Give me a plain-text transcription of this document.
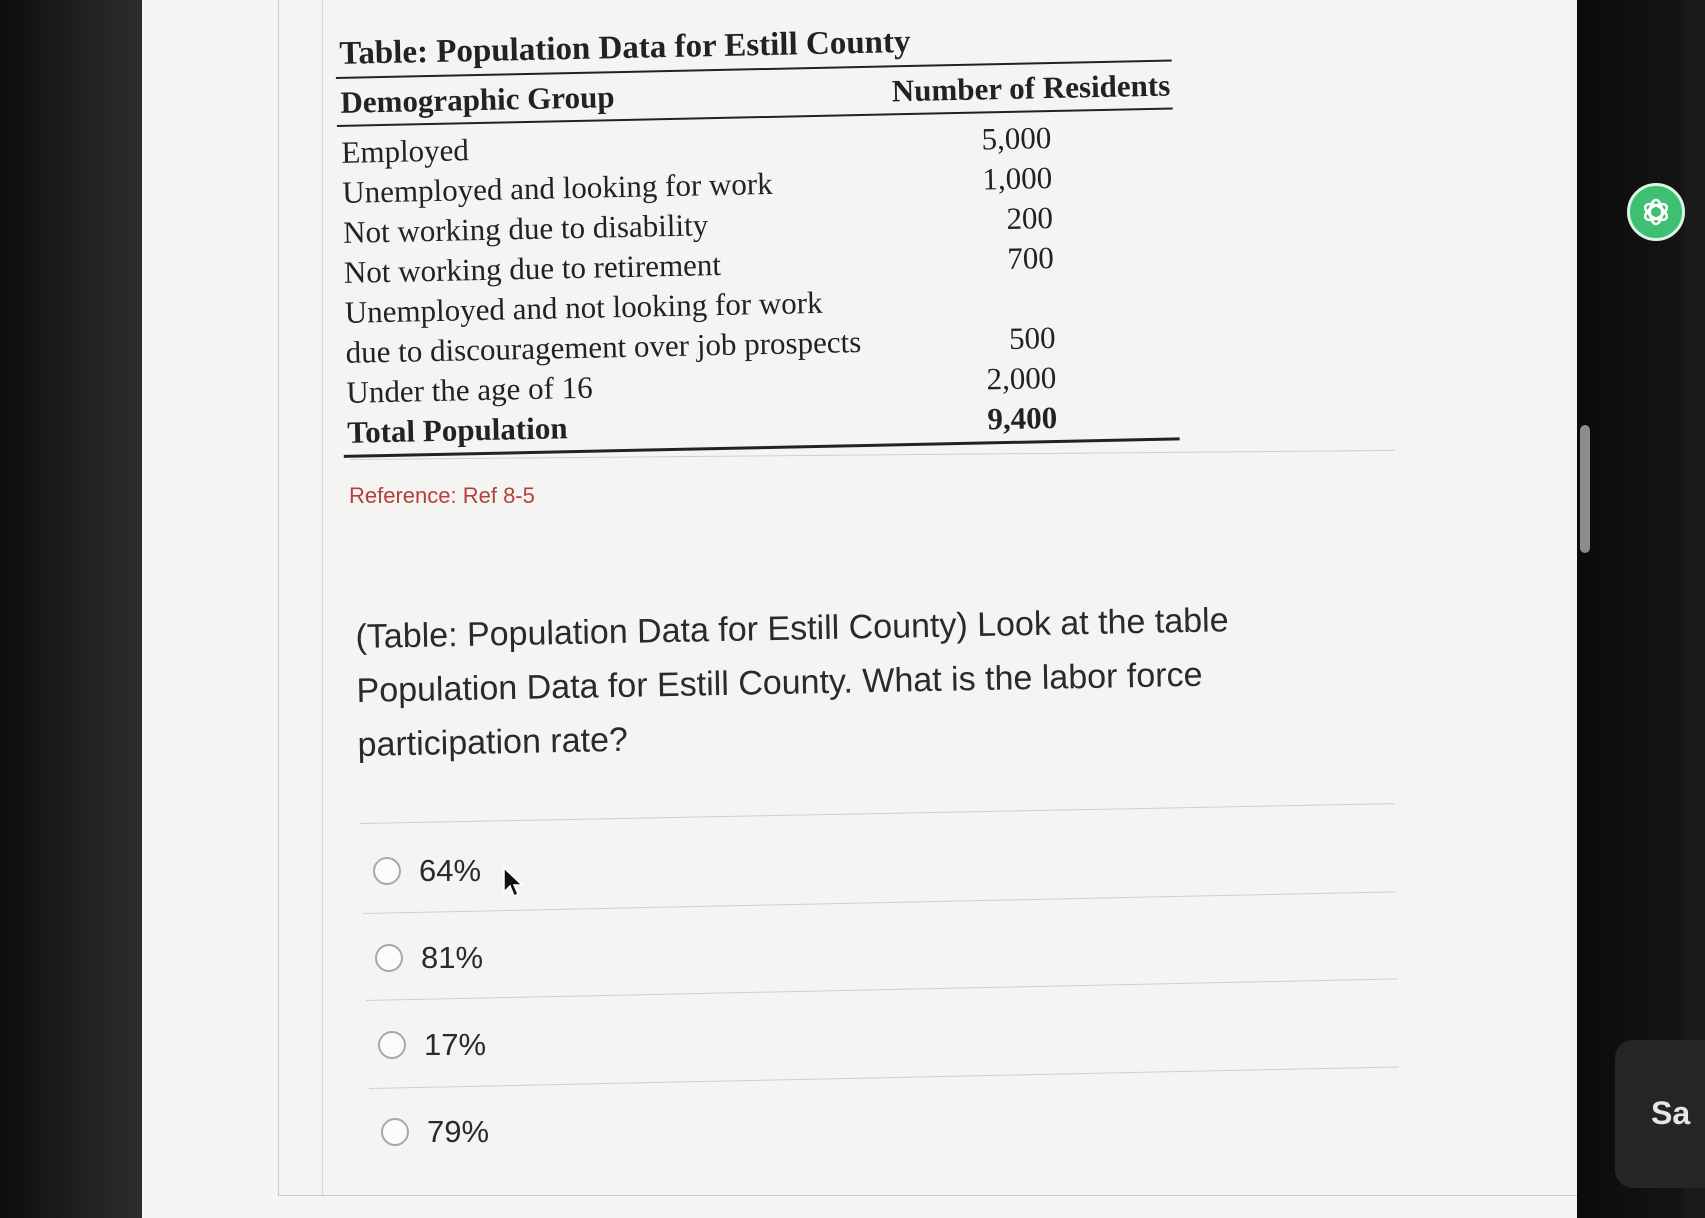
Table: Population Data for Estill County
Demographic Group	Number of Residents
Employed	5,000
Unemployed and looking for work	1,000
Not working due to disability	200
Not working due to retirement	700
Unemployed and not looking for work
due to discouragement over job prospects	500
Under the age of 16	2,000
Total Population	9,400
Reference: Ref 8-5
(Table: Population Data for Estill County) Look at the table Population Data for Estill County. What is the labor force participation rate?
64%
81%
17%
79%
Sa
